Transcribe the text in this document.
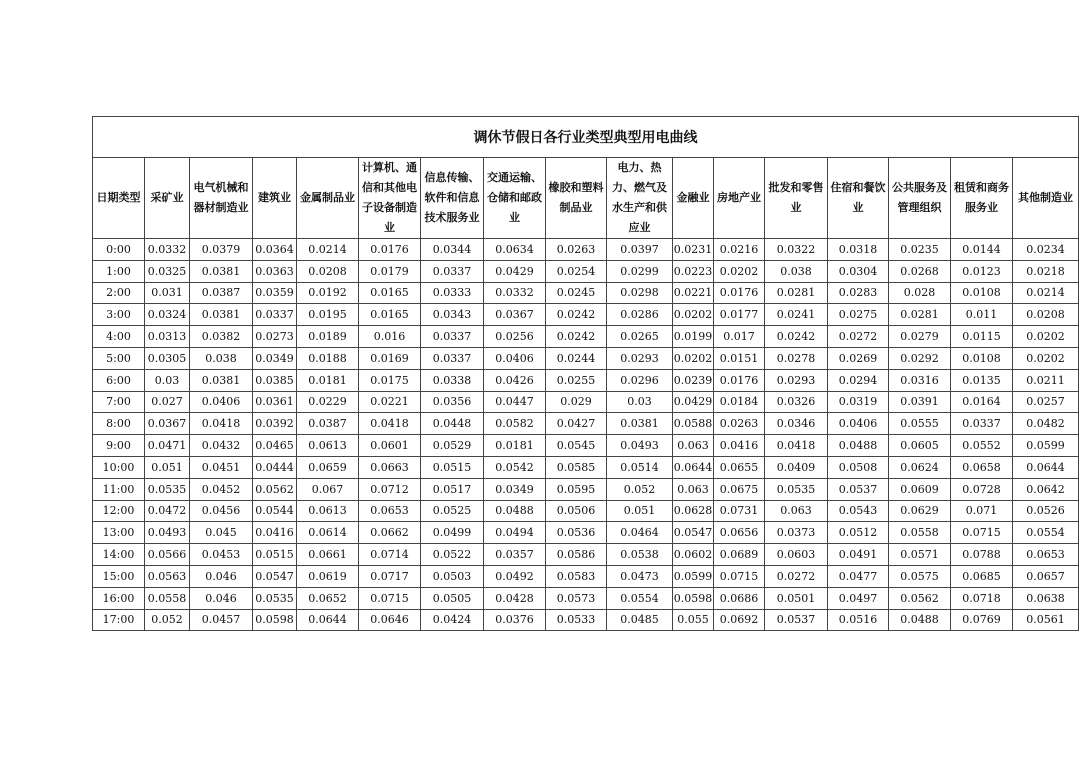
调休节假日各行业类型典型用电曲线																
日期类型	采矿业	电气机械和器材制造业	建筑业	金属制品业	计算机、通信和其他电子设备制造业	信息传输、软件和信息技术服务业	交通运输、仓储和邮政业	橡胶和塑料制品业	电力、热力、燃气及水生产和供应业	金融业	房地产业	批发和零售业	住宿和餐饮业	公共服务及管理组织	租赁和商务服务业	其他制造业
0:00	0.0332	0.0379	0.0364	0.0214	0.0176	0.0344	0.0634	0.0263	0.0397	0.0231	0.0216	0.0322	0.0318	0.0235	0.0144	0.0234
1:00	0.0325	0.0381	0.0363	0.0208	0.0179	0.0337	0.0429	0.0254	0.0299	0.0223	0.0202	0.038	0.0304	0.0268	0.0123	0.0218
2:00	0.031	0.0387	0.0359	0.0192	0.0165	0.0333	0.0332	0.0245	0.0298	0.0221	0.0176	0.0281	0.0283	0.028	0.0108	0.0214
3:00	0.0324	0.0381	0.0337	0.0195	0.0165	0.0343	0.0367	0.0242	0.0286	0.0202	0.0177	0.0241	0.0275	0.0281	0.011	0.0208
4:00	0.0313	0.0382	0.0273	0.0189	0.016	0.0337	0.0256	0.0242	0.0265	0.0199	0.017	0.0242	0.0272	0.0279	0.0115	0.0202
5:00	0.0305	0.038	0.0349	0.0188	0.0169	0.0337	0.0406	0.0244	0.0293	0.0202	0.0151	0.0278	0.0269	0.0292	0.0108	0.0202
6:00	0.03	0.0381	0.0385	0.0181	0.0175	0.0338	0.0426	0.0255	0.0296	0.0239	0.0176	0.0293	0.0294	0.0316	0.0135	0.0211
7:00	0.027	0.0406	0.0361	0.0229	0.0221	0.0356	0.0447	0.029	0.03	0.0429	0.0184	0.0326	0.0319	0.0391	0.0164	0.0257
8:00	0.0367	0.0418	0.0392	0.0387	0.0418	0.0448	0.0582	0.0427	0.0381	0.0588	0.0263	0.0346	0.0406	0.0555	0.0337	0.0482
9:00	0.0471	0.0432	0.0465	0.0613	0.0601	0.0529	0.0181	0.0545	0.0493	0.063	0.0416	0.0418	0.0488	0.0605	0.0552	0.0599
10:00	0.051	0.0451	0.0444	0.0659	0.0663	0.0515	0.0542	0.0585	0.0514	0.0644	0.0655	0.0409	0.0508	0.0624	0.0658	0.0644
11:00	0.0535	0.0452	0.0562	0.067	0.0712	0.0517	0.0349	0.0595	0.052	0.063	0.0675	0.0535	0.0537	0.0609	0.0728	0.0642
12:00	0.0472	0.0456	0.0544	0.0613	0.0653	0.0525	0.0488	0.0506	0.051	0.0628	0.0731	0.063	0.0543	0.0629	0.071	0.0526
13:00	0.0493	0.045	0.0416	0.0614	0.0662	0.0499	0.0494	0.0536	0.0464	0.0547	0.0656	0.0373	0.0512	0.0558	0.0715	0.0554
14:00	0.0566	0.0453	0.0515	0.0661	0.0714	0.0522	0.0357	0.0586	0.0538	0.0602	0.0689	0.0603	0.0491	0.0571	0.0788	0.0653
15:00	0.0563	0.046	0.0547	0.0619	0.0717	0.0503	0.0492	0.0583	0.0473	0.0599	0.0715	0.0272	0.0477	0.0575	0.0685	0.0657
16:00	0.0558	0.046	0.0535	0.0652	0.0715	0.0505	0.0428	0.0573	0.0554	0.0598	0.0686	0.0501	0.0497	0.0562	0.0718	0.0638
17:00	0.052	0.0457	0.0598	0.0644	0.0646	0.0424	0.0376	0.0533	0.0485	0.055	0.0692	0.0537	0.0516	0.0488	0.0769	0.0561
